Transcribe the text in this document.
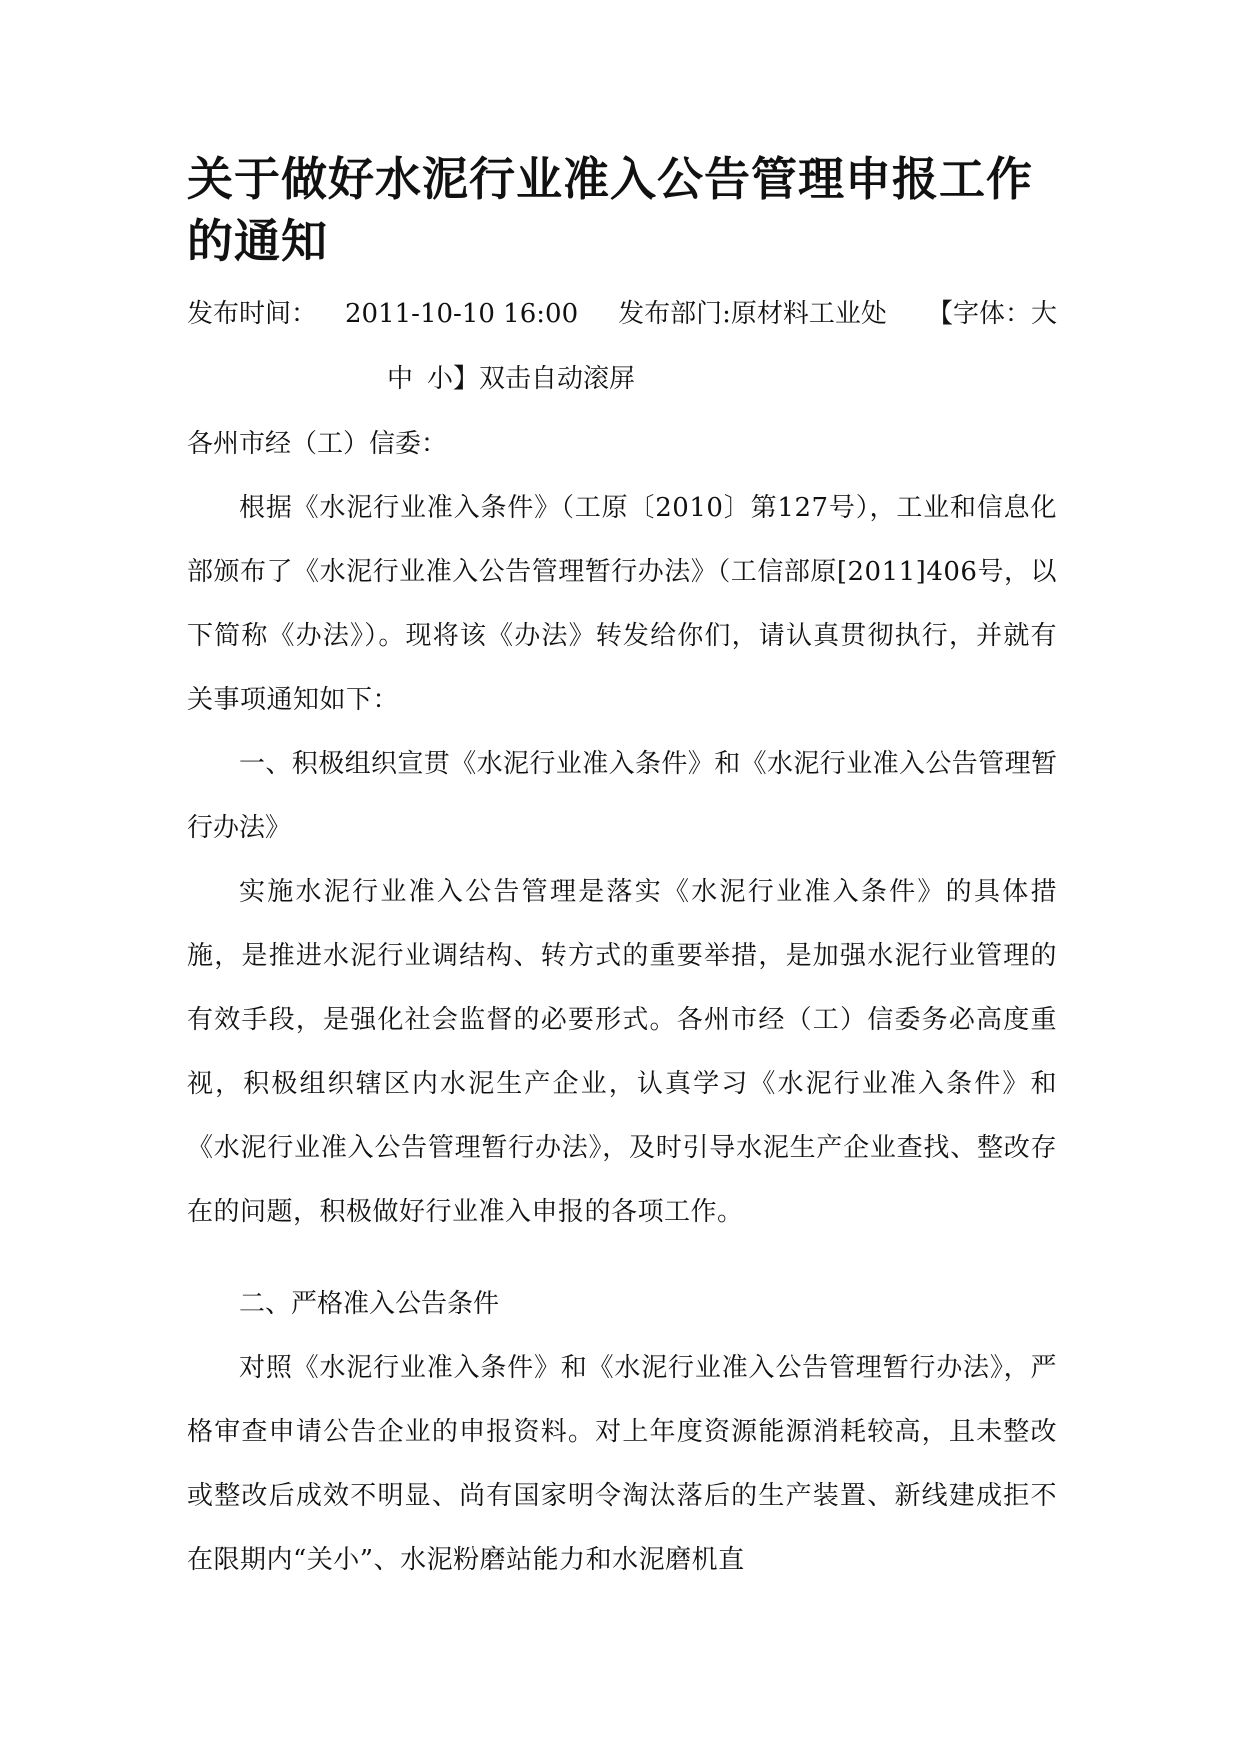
关于做好水泥行业准入公告管理申报工作的通知
发布时间： 2011-10-10 16:00 发布部门:原材料工业处 【字体：大
中 小】双击自动滚屏
各州市经（工）信委：

根据《水泥行业准入条件》（工原〔2010〕第127号），工业和信息化部颁布了《水泥行业准入公告管理暂行办法》（工信部原[2011]406号，以下简称《办法》）。现将该《办法》转发给你们，请认真贯彻执行，并就有关事项通知如下：

一、积极组织宣贯《水泥行业准入条件》和《水泥行业准入公告管理暂行办法》

实施水泥行业准入公告管理是落实《水泥行业准入条件》的具体措施，是推进水泥行业调结构、转方式的重要举措，是加强水泥行业管理的有效手段，是强化社会监督的必要形式。各州市经（工）信委务必高度重视，积极组织辖区内水泥生产企业，认真学习《水泥行业准入条件》和《水泥行业准入公告管理暂行办法》，及时引导水泥生产企业查找、整改存在的问题，积极做好行业准入申报的各项工作。

二、严格准入公告条件

对照《水泥行业准入条件》和《水泥行业准入公告管理暂行办法》，严格审查申请公告企业的申报资料。对上年度资源能源消耗较高，且未整改或整改后成效不明显、尚有国家明令淘汰落后的生产装置、新线建成拒不在限期内“关小”、水泥粉磨站能力和水泥磨机直
